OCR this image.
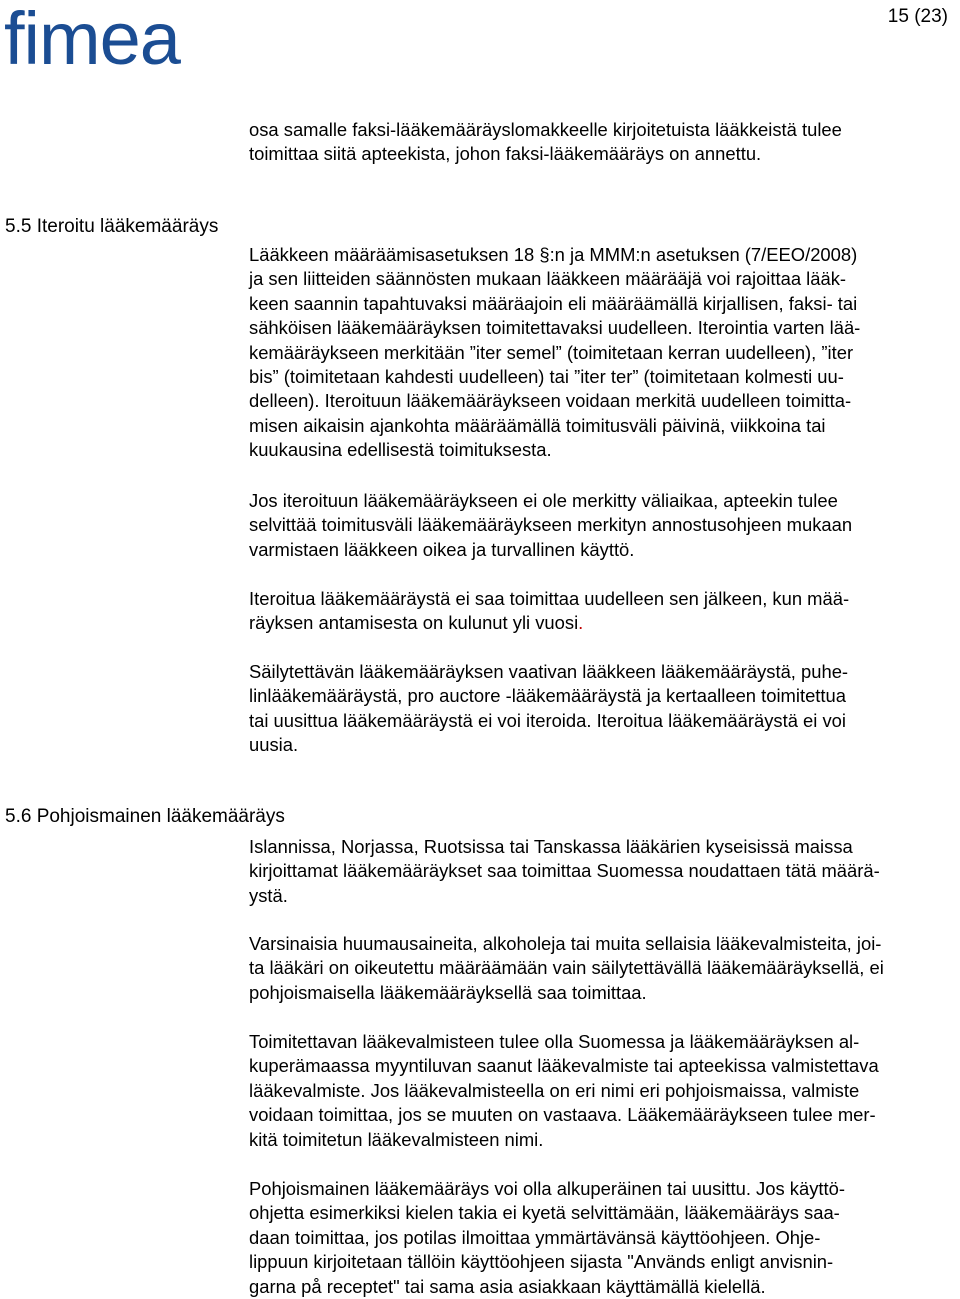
fimea	15 (23)
osa samalle faksi-lääkemääräyslomakkeelle kirjoitetuista lääkkeistä tulee
toimittaa siitä apteekista, johon faksi-lääkemääräys on annettu.
5.5 Iteroitu lääkemääräys
Lääkkeen määräämisasetuksen 18 §:n ja MMM:n asetuksen (7/EEO/2008)
ja sen liitteiden säännösten mukaan lääkkeen määrääjä voi rajoittaa lääk-
keen saannin tapahtuvaksi määräajoin eli määräämällä kirjallisen, faksi- tai
sähköisen lääkemääräyksen toimitettavaksi uudelleen. Iterointia varten lää-
kemääräykseen merkitään ”iter semel” (toimitetaan kerran uudelleen), ”iter
bis” (toimitetaan kahdesti uudelleen) tai ”iter ter” (toimitetaan kolmesti uu-
delleen). Iteroituun lääkemääräykseen voidaan merkitä uudelleen toimitta-
misen aikaisin ajankohta määräämällä toimitusväli päivinä, viikkoina tai
kuukausina edellisestä toimituksesta.
Jos iteroituun lääkemääräykseen ei ole merkitty väliaikaa, apteekin tulee
selvittää toimitusväli lääkemääräykseen merkityn annostusohjeen mukaan
varmistaen lääkkeen oikea ja turvallinen käyttö.
Iteroitua lääkemääräystä ei saa toimittaa uudelleen sen jälkeen, kun mää-
räyksen antamisesta on kulunut yli vuosi.
Säilytettävän lääkemääräyksen vaativan lääkkeen lääkemääräystä, puhe-
linlääkemääräystä, pro auctore -lääkemääräystä ja kertaalleen toimitettua
tai uusittua lääkemääräystä ei voi iteroida. Iteroitua lääkemääräystä ei voi
uusia.
5.6 Pohjoismainen lääkemääräys
Islannissa, Norjassa, Ruotsissa tai Tanskassa lääkärien kyseisissä maissa
kirjoittamat lääkemääräykset saa toimittaa Suomessa noudattaen tätä määrä-
ystä.
Varsinaisia huumausaineita, alkoholeja tai muita sellaisia lääkevalmisteita, joi-
ta lääkäri on oikeutettu määräämään vain säilytettävällä lääkemääräyksellä, ei
pohjoismaisella lääkemääräyksellä saa toimittaa.
Toimitettavan lääkevalmisteen tulee olla Suomessa ja lääkemääräyksen al-
kuperämaassa myyntiluvan saanut lääkevalmiste tai apteekissa valmistettava
lääkevalmiste. Jos lääkevalmisteella on eri nimi eri pohjoismaissa, valmiste
voidaan toimittaa, jos se muuten on vastaava. Lääkemääräykseen tulee mer-
kitä toimitetun lääkevalmisteen nimi.
Pohjoismainen lääkemääräys voi olla alkuperäinen tai uusittu. Jos käyttö-
ohjetta esimerkiksi kielen takia ei kyetä selvittämään, lääkemääräys saa-
daan toimittaa, jos potilas ilmoittaa ymmärtävänsä käyttöohjeen. Ohje-
lippuun kirjoitetaan tällöin käyttöohjeen sijasta "Används enligt anvisnin-
garna på receptet" tai sama asia asiakkaan käyttämällä kielellä.
